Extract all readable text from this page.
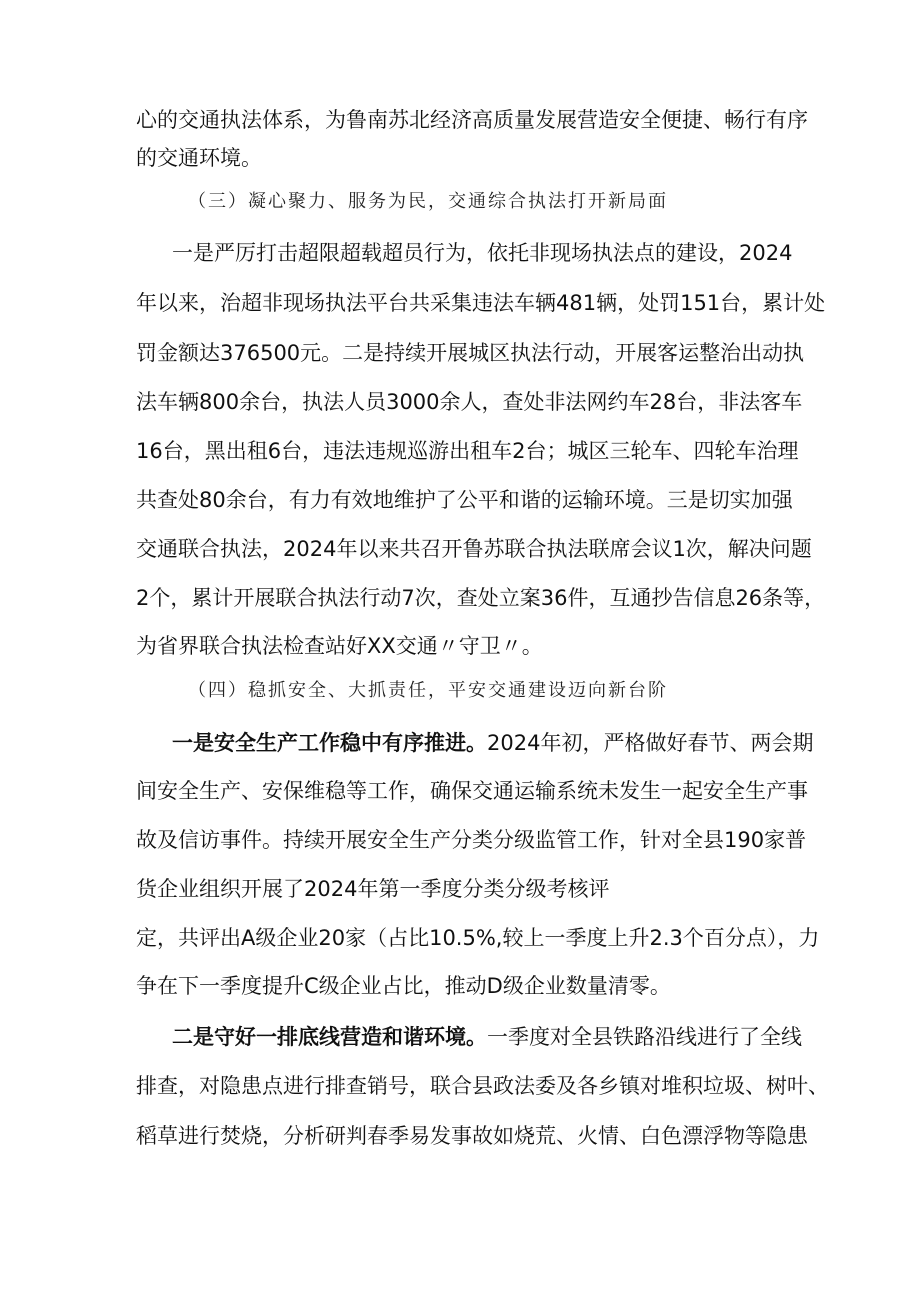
心的交通执法体系，为鲁南苏北经济高质量发展营造安全便捷、畅行有序

的交通环境。

（三）凝心聚力、服务为民，交通综合执法打开新局面

一是严厉打击超限超载超员行为，依托非现场执法点的建设，2024

年以来，治超非现场执法平台共采集违法车辆481辆，处罚151台，累计处

罚金额达376500元。二是持续开展城区执法行动，开展客运整治出动执

法车辆800余台，执法人员3000余人，查处非法网约车28台，非法客车

16台，黑出租6台，违法违规巡游出租车2台；城区三轮车、四轮车治理

共查处80余台，有力有效地维护了公平和谐的运输环境。三是切实加强

交通联合执法，2024年以来共召开鲁苏联合执法联席会议1次，解决问题

2个，累计开展联合执法行动7次，查处立案36件，互通抄告信息26条等，

为省界联合执法检查站好XX交通〃守卫〃。

（四）稳抓安全、大抓责任，平安交通建设迈向新台阶

一是安全生产工作稳中有序推进。2024年初，严格做好春节、两会期

间安全生产、安保维稳等工作，确保交通运输系统未发生一起安全生产事

故及信访事件。持续开展安全生产分类分级监管工作，针对全县190家普

货企业组织开展了2024年第一季度分类分级考核评

定，共评出A级企业20家（占比10.5%,较上一季度上升2.3个百分点），力

争在下一季度提升C级企业占比，推动D级企业数量清零。

二是守好一排底线营造和谐环境。一季度对全县铁路沿线进行了全线

排查，对隐患点进行排查销号，联合县政法委及各乡镇对堆积垃圾、树叶、

稻草进行焚烧，分析研判春季易发事故如烧荒、火情、白色漂浮物等隐患
